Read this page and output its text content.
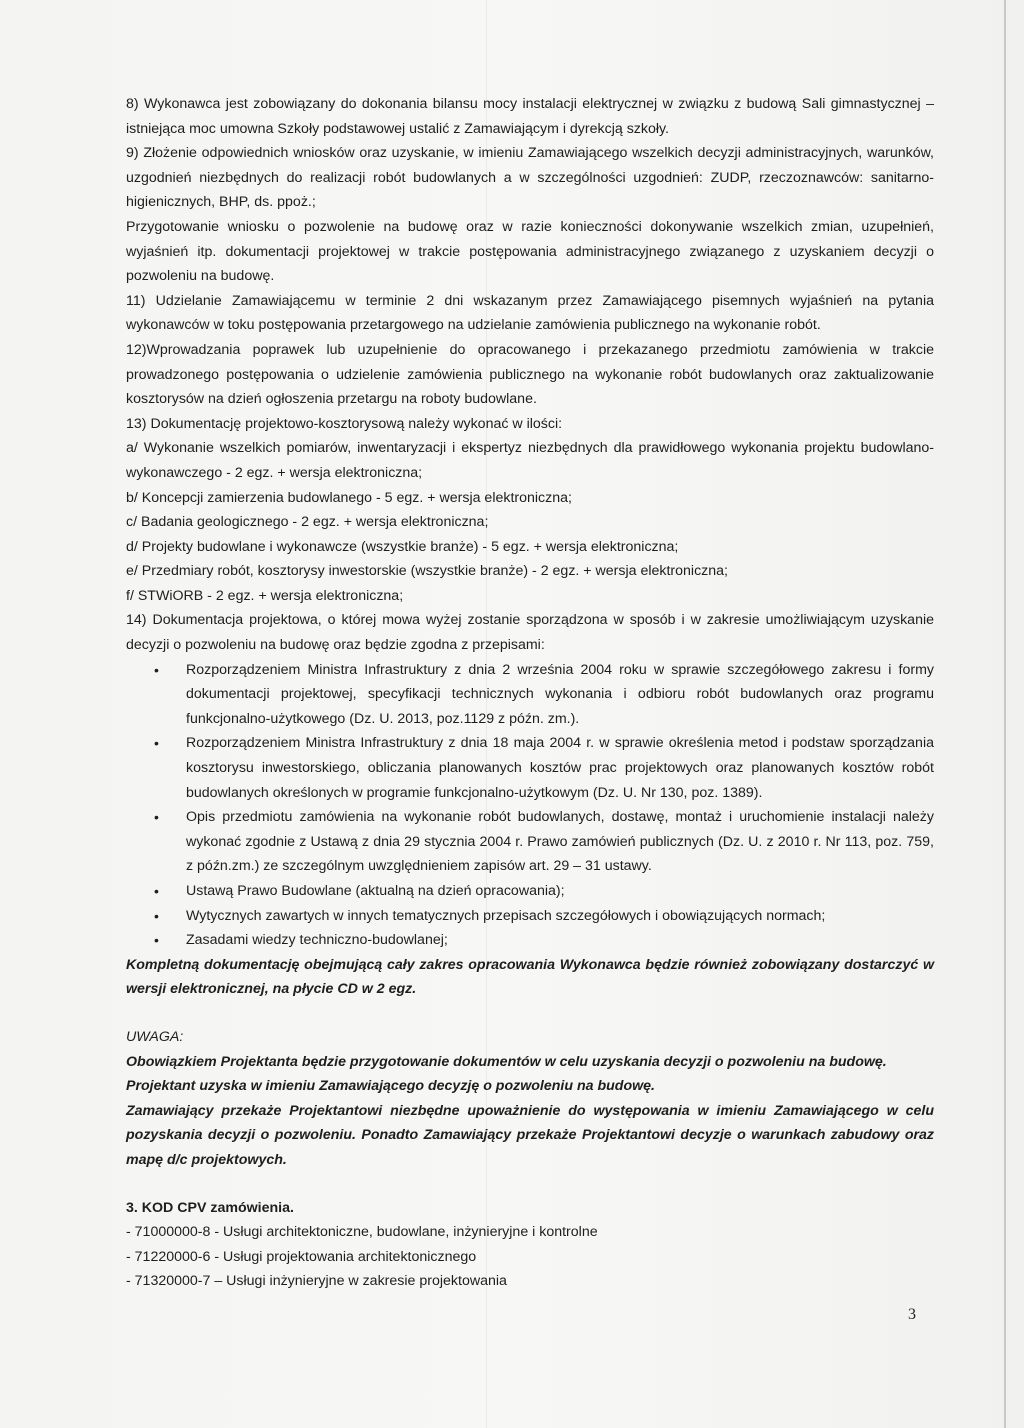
8) Wykonawca jest zobowiązany do dokonania bilansu mocy instalacji elektrycznej w związku z budową Sali gimnastycznej – istniejąca moc umowna Szkoły podstawowej ustalić z Zamawiającym i dyrekcją szkoły.

9) Złożenie odpowiednich wniosków oraz uzyskanie, w imieniu Zamawiającego wszelkich decyzji administracyjnych, warunków, uzgodnień niezbędnych do realizacji robót budowlanych a w szczególności uzgodnień: ZUDP, rzeczoznawców: sanitarno-higienicznych, BHP, ds. ppoż.;

Przygotowanie wniosku o pozwolenie na budowę oraz w razie konieczności dokonywanie wszelkich zmian, uzupełnień, wyjaśnień itp. dokumentacji projektowej w trakcie postępowania administracyjnego związanego z uzyskaniem decyzji o pozwoleniu na budowę.

11) Udzielanie Zamawiającemu w terminie 2 dni wskazanym przez Zamawiającego pisemnych wyjaśnień na pytania wykonawców w toku postępowania przetargowego na udzielanie zamówienia publicznego na wykonanie robót.

12)Wprowadzania poprawek lub uzupełnienie do opracowanego i przekazanego przedmiotu zamówienia w trakcie prowadzonego postępowania o udzielenie zamówienia publicznego na wykonanie robót budowlanych oraz zaktualizowanie kosztorysów na dzień ogłoszenia przetargu na roboty budowlane.

13) Dokumentację projektowo-kosztorysową należy wykonać w ilości:

a/ Wykonanie wszelkich pomiarów, inwentaryzacji i ekspertyz niezbędnych dla prawidłowego wykonania projektu budowlano-wykonawczego - 2 egz. + wersja elektroniczna;

b/ Koncepcji zamierzenia budowlanego - 5 egz. + wersja elektroniczna;

c/ Badania geologicznego - 2 egz. + wersja elektroniczna;

d/ Projekty budowlane i wykonawcze (wszystkie branże) - 5 egz. + wersja elektroniczna;

e/ Przedmiary robót, kosztorysy inwestorskie (wszystkie branże) - 2 egz. + wersja elektroniczna;

f/ STWiORB - 2 egz. + wersja elektroniczna;

14) Dokumentacja projektowa, o której mowa wyżej zostanie sporządzona w sposób i w zakresie umożliwiającym uzyskanie decyzji o pozwoleniu na budowę oraz będzie zgodna z przepisami:

• Rozporządzeniem Ministra Infrastruktury z dnia 2 września 2004 roku w sprawie szczegółowego zakresu i formy dokumentacji projektowej, specyfikacji technicznych wykonania i odbioru robót budowlanych oraz programu funkcjonalno-użytkowego (Dz. U. 2013, poz.1129 z późn. zm.).
• Rozporządzeniem Ministra Infrastruktury z dnia 18 maja 2004 r. w sprawie określenia metod i podstaw sporządzania kosztorysu inwestorskiego, obliczania planowanych kosztów prac projektowych oraz planowanych kosztów robót budowlanych określonych w programie funkcjonalno-użytkowym (Dz. U. Nr 130, poz. 1389).
• Opis przedmiotu zamówienia na wykonanie robót budowlanych, dostawę, montaż i uruchomienie instalacji należy wykonać zgodnie z Ustawą z dnia 29 stycznia 2004 r. Prawo zamówień publicznych (Dz. U. z 2010 r. Nr 113, poz. 759, z późn.zm.) ze szczególnym uwzględnieniem zapisów art. 29 – 31 ustawy.
• Ustawą Prawo Budowlane (aktualną na dzień opracowania);
• Wytycznych zawartych w innych tematycznych przepisach szczegółowych i obowiązujących normach;
• Zasadami wiedzy techniczno-budowlanej;

Kompletną dokumentację obejmującą cały zakres opracowania Wykonawca będzie również zobowiązany dostarczyć w wersji elektronicznej, na płycie CD w 2 egz.

UWAGA:

Obowiązkiem Projektanta będzie przygotowanie dokumentów w celu uzyskania decyzji o pozwoleniu na budowę.

Projektant uzyska w imieniu Zamawiającego decyzję o pozwoleniu na budowę.

Zamawiający przekaże Projektantowi niezbędne upoważnienie do występowania w imieniu Zamawiającego w celu pozyskania decyzji o pozwoleniu. Ponadto Zamawiający przekaże Projektantowi decyzje o warunkach zabudowy oraz mapę d/c projektowych.

3. KOD CPV zamówienia.

- 71000000-8 - Usługi architektoniczne, budowlane, inżynieryjne i kontrolne

- 71220000-6 - Usługi projektowania architektonicznego

- 71320000-7 – Usługi inżynieryjne w zakresie projektowania

3
